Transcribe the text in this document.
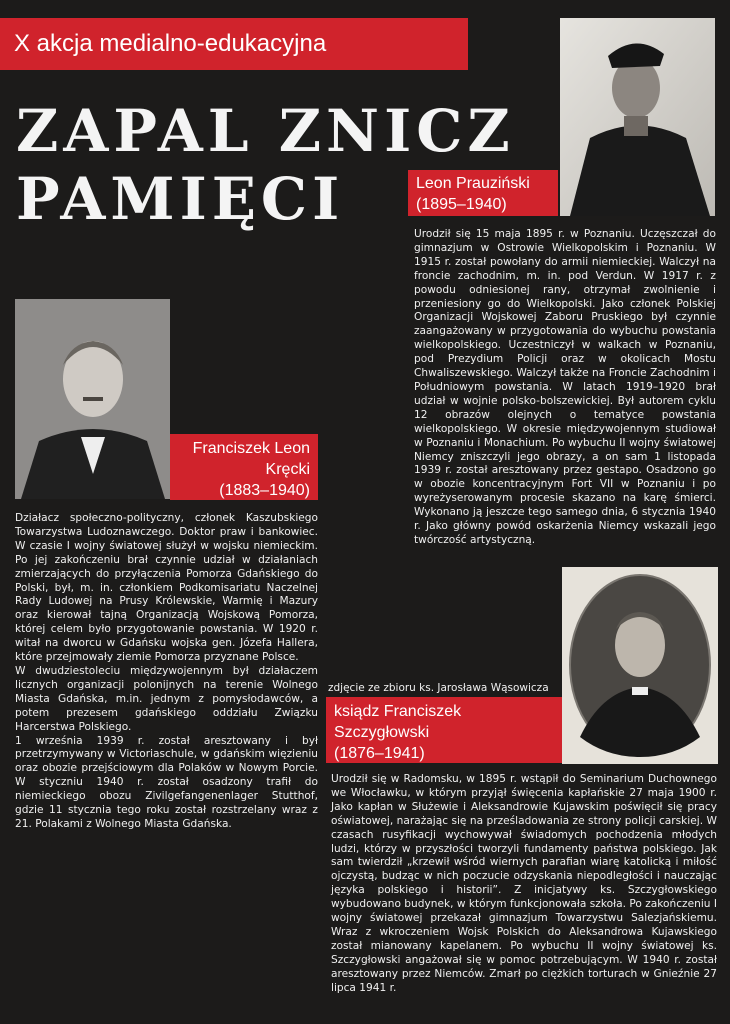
X akcja medialno-edukacyjna
ZAPAL ZNICZ
PAMIĘCI	Leon Prauziński
(1895–1940)

Urodził się 15 maja 1895 r. w Poznaniu. Uczęszczał do gimnazjum w Ostrowie Wielkopolskim i Poznaniu. W 1915 r. został powołany do armii niemieckiej. Walczył na froncie zachodnim, m. in. pod Verdun. W 1917 r. z powodu odniesionej rany, otrzymał zwolnienie i przeniesiony go do Wielkopolski. Jako członek Polskiej Organizacji Wojskowej Zaboru Pruskiego był czynnie zaangażowany w przygotowania do wybuchu powstania wielkopolskiego. Uczestniczył w walkach w Poznaniu, pod Prezydium Policji oraz w okolicach Mostu Chwaliszewskiego. Walczył także na Froncie Zachodnim i Południowym powstania. W latach 1919–1920 brał udział w wojnie polsko-bolszewickiej. Był autorem cyklu 12 obrazów olejnych o tematyce powstania wielkopolskiego. W okresie międzywojennym studiował w Poznaniu i Monachium. Po wybuchu II wojny światowej Niemcy zniszczyli jego obrazy, a on sam 1 listopada 1939 r. został aresztowany przez gestapo. Osadzono go w obozie koncentracyjnym Fort VII w Poznaniu i po wyreżyserowanym procesie skazano na karę śmierci. Wykonano ją jeszcze tego samego dnia, 6 stycznia 1940 r. Jako główny powód oskarżenia Niemcy wskazali jego twórczość artystyczną.

Franciszek Leon
Kręcki
(1883–1940)

Działacz społeczno-polityczny, członek Kaszubskiego Towarzystwa Ludoznawczego. Doktor praw i bankowiec. W czasie I wojny światowej służył w wojsku niemieckim. Po jej zakończeniu brał czynnie udział w działaniach zmierzających do przyłączenia Pomorza Gdańskiego do Polski, był, m. in. członkiem Podkomisariatu Naczelnej Rady Ludowej na Prusy Królewskie, Warmię i Mazury oraz kierował tajną Organizacją Wojskową Pomorza, której celem było przygotowanie powstania. W 1920 r. witał na dworcu w Gdańsku wojska gen. Józefa Hallera, które przejmowały ziemie Pomorza przyznane Polsce.

W dwudziestoleciu międzywojennym był działaczem licznych organizacji polonijnych na terenie Wolnego Miasta Gdańska, m.in. jednym z pomysłodawców, a potem prezesem gdańskiego oddziału Związku Harcerstwa Polskiego.

1 września 1939 r. został aresztowany i był przetrzymywany w Victoriaschule, w gdańskim więzieniu oraz obozie przejściowym dla Polaków w Nowym Porcie. W styczniu 1940 r. został osadzony trafił do niemieckiego obozu Zivilgefangenenlager Stutthof, gdzie 11 stycznia tego roku został rozstrzelany wraz z 21. Polakami z Wolnego Miasta Gdańska.

zdjęcie ze zbioru ks. Jarosława Wąsowicza
ksiądz Franciszek
Szczygłowski
(1876–1941)

Urodził się w Radomsku, w 1895 r. wstąpił do Seminarium Duchownego we Włocławku, w którym przyjął święcenia kapłańskie 27 maja 1900 r. Jako kapłan w Służewie i Aleksandrowie Kujawskim poświęcił się pracy oświatowej, narażając się na prześladowania ze strony policji carskiej. W czasach rusyfikacji wychowywał świadomych pochodzenia młodych ludzi, którzy w przyszłości tworzyli fundamenty państwa polskiego. Jak sam twierdził „krzewił wśród wiernych parafian wiarę katolicką i miłość ojczystą, budząc w nich poczucie odzyskania niepodległości i nauczając języka polskiego i historii”. Z inicjatywy ks. Szczygłowskiego wybudowano budynek, w którym funkcjonowała szkoła. Po zakończeniu I wojny światowej przekazał gimnazjum Towarzystwu Salezjańskiemu. Wraz z wkroczeniem Wojsk Polskich do Aleksandrowa Kujawskiego został mianowany kapelanem. Po wybuchu II wojny światowej ks. Szczygłowski angażował się w pomoc potrzebującym. W 1940 r. został aresztowany przez Niemców. Zmarł po ciężkich torturach w Gnieźnie 27 lipca 1941 r.
